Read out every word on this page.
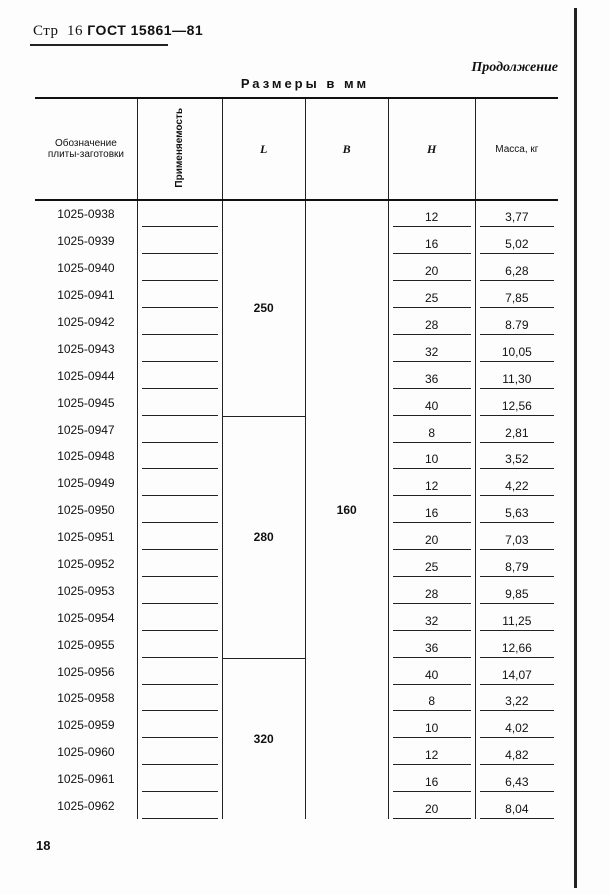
Стр 16 ГОСТ 15861—81
Продолжение
Размеры в мм
Обозначение плиты-заготовки	Применяемость	L	B	H	Масса, кг
1025-0938		250	160	12	3,77

1025-0939				16	5,02

1025-0940				20	6,28

1025-0941				25	7,85

1025-0942				28	8.79

1025-0943				32	10,05

1025-0944				36	11,30

1025-0945				40	12,56

1025-0947		280		8	2,81

1025-0948				10	3,52

1025-0949				12	4,22

1025-0950				16	5,63

1025-0951				20	7,03

1025-0952				25	8,79

1025-0953				28	9,85

1025-0954				32	11,25

1025-0955				36	12,66

1025-0956		320		40	14,07

1025-0958				8	3,22

1025-0959				10	4,02

1025-0960				12	4,82

1025-0961				16	6,43

1025-0962				20	8,04
18
